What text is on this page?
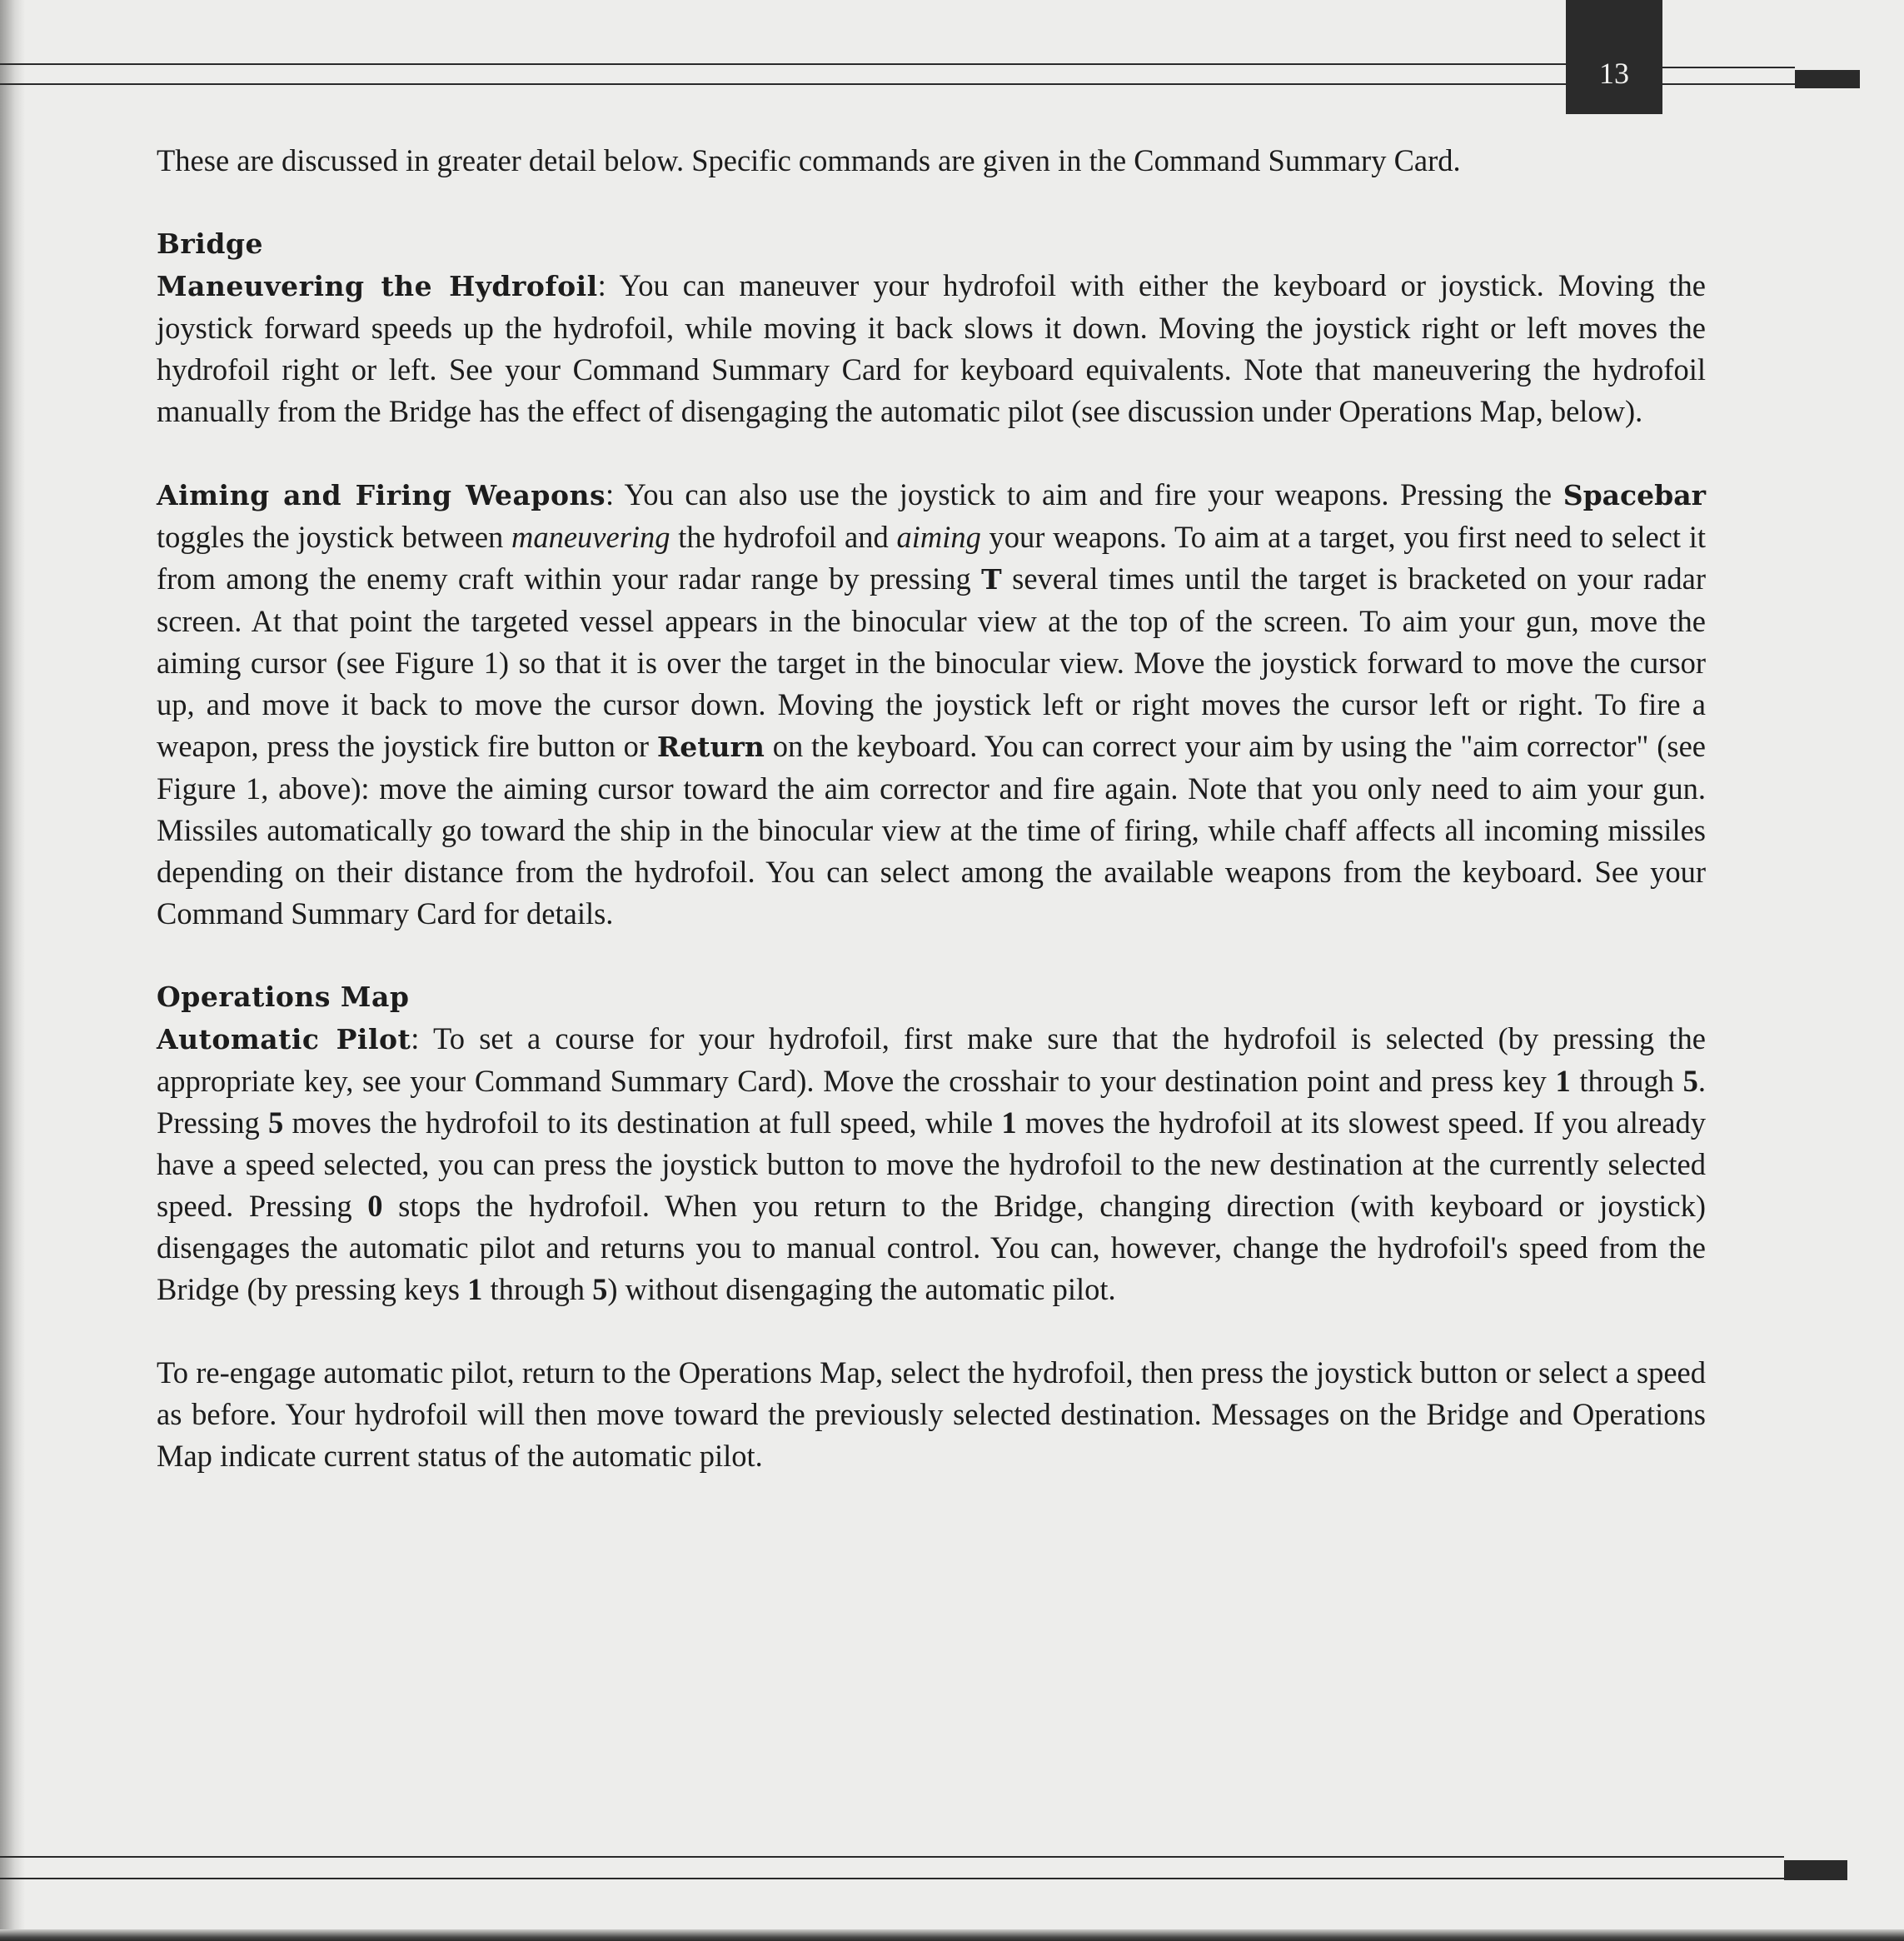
13

These are discussed in greater detail below. Specific commands are given in the Command Summary Card.

Bridge

Maneuvering the Hydrofoil: You can maneuver your hydrofoil with either the keyboard or joystick. Moving the joystick forward speeds up the hydrofoil, while moving it back slows it down. Moving the joystick right or left moves the hydrofoil right or left. See your Command Summary Card for keyboard equivalents. Note that maneuvering the hydrofoil manually from the Bridge has the effect of disengaging the automatic pilot (see discussion under Operations Map, below).

Aiming and Firing Weapons: You can also use the joystick to aim and fire your weapons. Pressing the Spacebar toggles the joystick between maneuvering the hydrofoil and aiming your weapons. To aim at a target, you first need to select it from among the enemy craft within your radar range by pressing T several times until the target is bracketed on your radar screen. At that point the targeted vessel appears in the binocular view at the top of the screen. To aim your gun, move the aiming cursor (see Figure 1) so that it is over the target in the binocular view. Move the joystick forward to move the cursor up, and move it back to move the cursor down. Moving the joystick left or right moves the cursor left or right. To fire a weapon, press the joystick fire button or Return on the keyboard. You can correct your aim by using the "aim corrector" (see Figure 1, above): move the aiming cursor toward the aim corrector and fire again. Note that you only need to aim your gun. Missiles automatically go toward the ship in the binocular view at the time of firing, while chaff affects all incoming missiles depending on their distance from the hydrofoil. You can select among the available weapons from the keyboard. See your Command Summary Card for details.

Operations Map

Automatic Pilot: To set a course for your hydrofoil, first make sure that the hydrofoil is selected (by pressing the appropriate key, see your Command Summary Card). Move the crosshair to your destination point and press key 1 through 5. Pressing 5 moves the hydrofoil to its destination at full speed, while 1 moves the hydrofoil at its slowest speed. If you already have a speed selected, you can press the joystick button to move the hydrofoil to the new destination at the currently selected speed. Pressing 0 stops the hydrofoil. When you return to the Bridge, changing direction (with keyboard or joystick) disengages the automatic pilot and returns you to manual control. You can, however, change the hydrofoil's speed from the Bridge (by pressing keys 1 through 5) without disengaging the automatic pilot.

To re-engage automatic pilot, return to the Operations Map, select the hydrofoil, then press the joystick button or select a speed as before. Your hydrofoil will then move toward the previously selected destination. Messages on the Bridge and Operations Map indicate current status of the automatic pilot.
